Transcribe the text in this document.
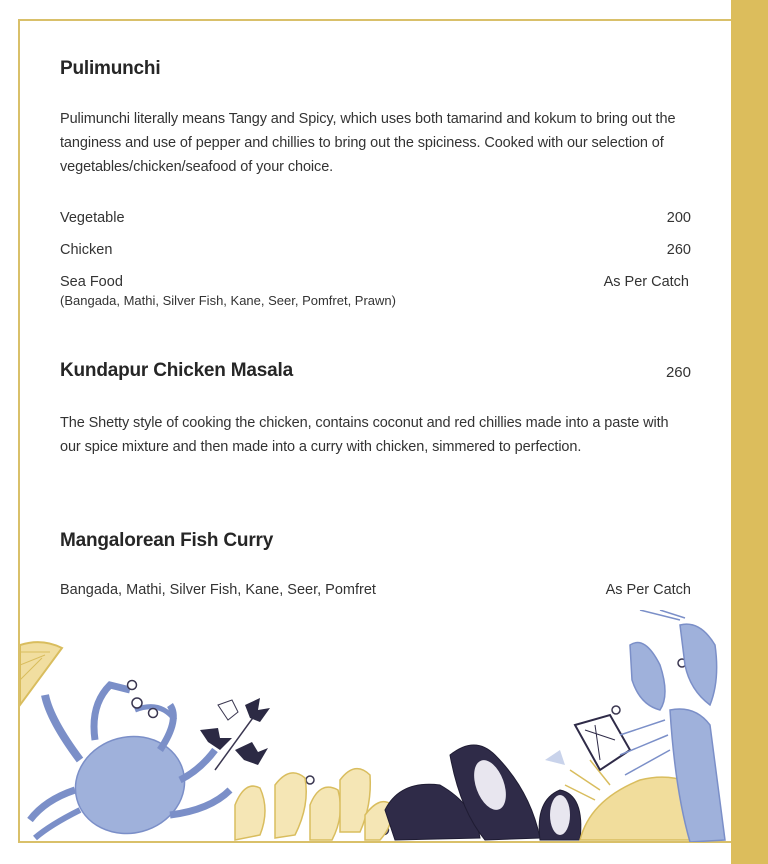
Pulimunchi
Pulimunchi literally means Tangy and Spicy, which uses both tamarind and kokum to bring out the tanginess and use of pepper and chillies to bring out the spiciness. Cooked with our selection of vegetables/chicken/seafood of your choice.
Vegetable	200
Chicken	260
Sea Food	As Per Catch
(Bangada, Mathi, Silver Fish, Kane, Seer, Pomfret, Prawn)
Kundapur Chicken Masala	260
The Shetty style of cooking the chicken, contains coconut and red chillies made into a paste with our spice mixture and then made into a curry with chicken, simmered to perfection.
Mangalorean Fish Curry
Bangada, Mathi, Silver Fish, Kane, Seer, Pomfret	As Per Catch
